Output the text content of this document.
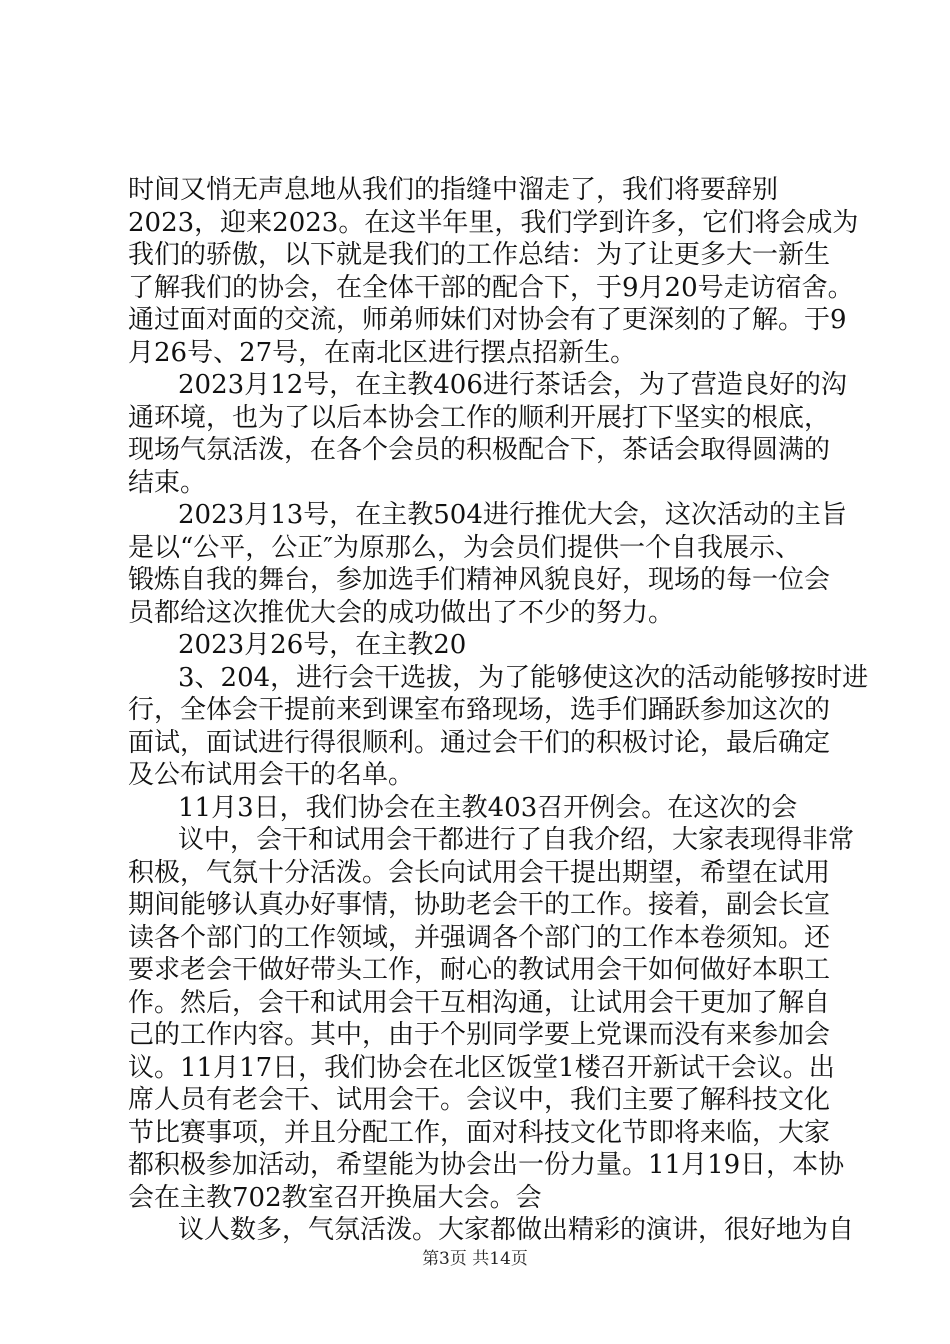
时间又悄无声息地从我们的指缝中溜走了，我们将要辞别
2023，迎来2023。在这半年里，我们学到许多，它们将会成为
我们的骄傲，以下就是我们的工作总结：为了让更多大一新生
了解我们的协会，在全体干部的配合下，于9月20号走访宿舍。
通过面对面的交流，师弟师妹们对协会有了更深刻的了解。于9
月26号、27号，在南北区进行摆点招新生。
2023月12号，在主教406进行茶话会，为了营造良好的沟
通环境，也为了以后本协会工作的顺利开展打下坚实的根底，
现场气氛活泼，在各个会员的积极配合下，茶话会取得圆满的
结束。
2023月13号，在主教504进行推优大会，这次活动的主旨
是以“公平，公正″为原那么，为会员们提供一个自我展示、
锻炼自我的舞台，参加选手们精神风貌良好，现场的每一位会
员都给这次推优大会的成功做出了不少的努力。
2023月26号，在主教20
3、204，进行会干选拔，为了能够使这次的活动能够按时进
行，全体会干提前来到课室布臵现场，选手们踊跃参加这次的
面试，面试进行得很顺利。通过会干们的积极讨论，最后确定
及公布试用会干的名单。
11月3日，我们协会在主教403召开例会。在这次的会
议中，会干和试用会干都进行了自我介绍，大家表现得非常
积极，气氛十分活泼。会长向试用会干提出期望，希望在试用
期间能够认真办好事情，协助老会干的工作。接着，副会长宣
读各个部门的工作领域，并强调各个部门的工作本卷须知。还
要求老会干做好带头工作，耐心的教试用会干如何做好本职工
作。然后，会干和试用会干互相沟通，让试用会干更加了解自
己的工作内容。其中，由于个别同学要上党课而没有来参加会
议。11月17日，我们协会在北区饭堂1楼召开新试干会议。出
席人员有老会干、试用会干。会议中，我们主要了解科技文化
节比赛事项，并且分配工作，面对科技文化节即将来临，大家
都积极参加活动，希望能为协会出一份力量。11月19日，本协
会在主教702教室召开换届大会。会
议人数多，气氛活泼。大家都做出精彩的演讲，很好地为自
第3页 共14页
